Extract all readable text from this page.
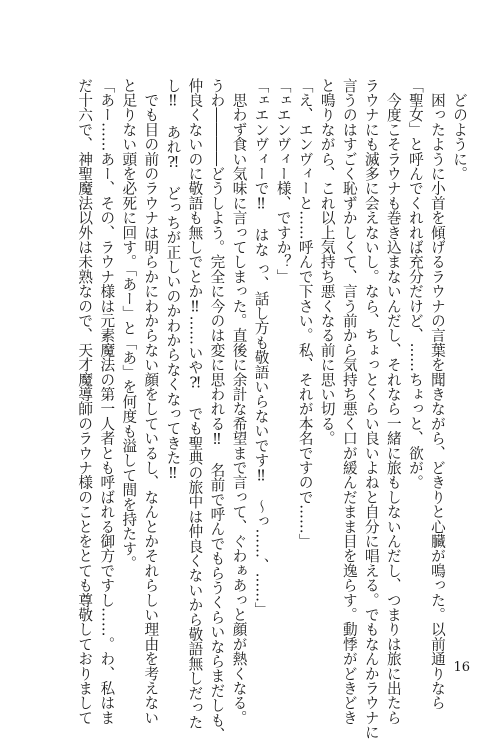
　どのように。
　困ったように小首を傾げるラウナの言葉を聞きながら、どきりと心臓が鳴った。以前通りなら
「聖女」と呼んでくれれば充分だけど、……ちょっと、欲が。
　今度こそラウナも巻き込まないんだし、それなら一緒に旅もしないんだし、つまりは旅に出たら
ラウナにも滅多に会えないし。なら、ちょっとくらい良いよねと自分に唱える。でもなんかラウナに
言うのはすごく恥ずかしくて、言う前から気持ち悪く口が緩んだまま目を逸らす。動悸がどきどき
と鳴りながら、これ以上気持ち悪くなる前に思い切る。
「え、エンヴィーと……呼んで下さい。私、それが本名ですので……」
「ェエンヴィー様、ですか？」
「ェエンヴィーで‼　はな っ、話し方も敬語いらないです‼　～っ……、……」
　思わず食い気味に言ってしまった。直後に余計な希望まで言って、ぐわぁあっと顔が熱くなる。
うわ――――どうしよう。完全に今のは変に思われる‼　名前で呼んでもらうくらいならまだしも、
仲良くないのに敬語も無しでとか‼……いや⁈　でも聖典の旅中は仲良くないから敬語無しだった
し‼　あれ⁈　どっちが正しいのかわからなくなってきた‼
　でも目の前のラウナは明らかにわからない顔をしているし、なんとかそれらしい理由を考えない
と足りない頭を必死に回す。「あー」と「あ」を何度も溢して間を持たす。
「あー……あー、その、ラウナ様は元素魔法の第一人者とも呼ばれる御方ですし……。わ、私はま
だ十六で、神聖魔法以外は未熟なので、天才魔導師のラウナ様のことをとても尊敬しておりまして	16
